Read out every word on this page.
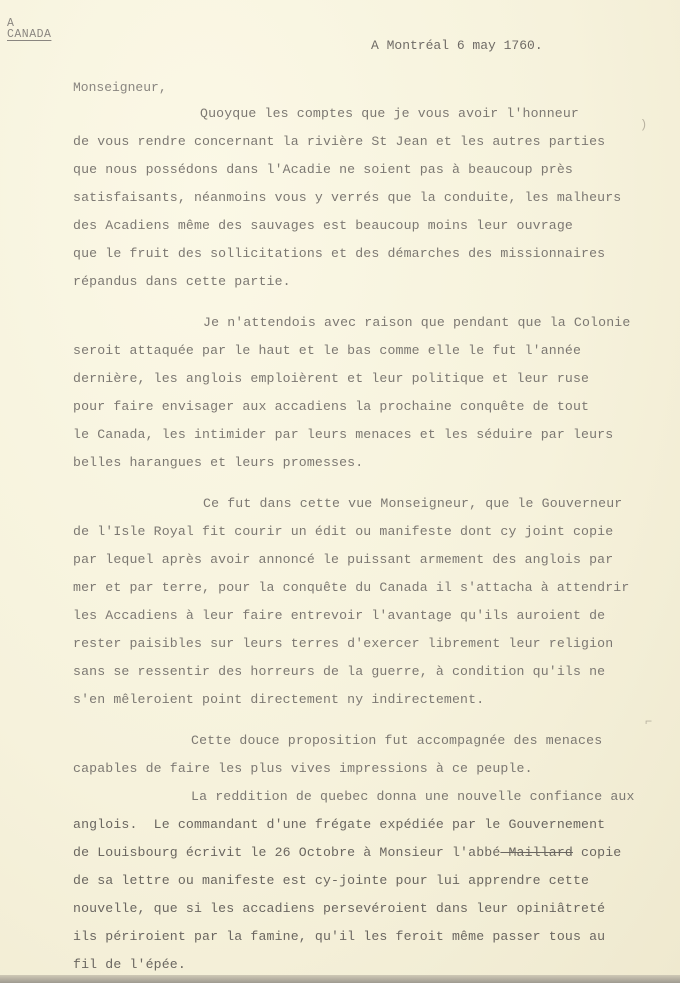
A
CANADA
A Montréal 6 may 1760.
Monseigneur,
Quoyque les comptes que je vous avoir l'honneur
de vous rendre concernant la rivière St Jean et les autres parties
que nous possédons dans l'Acadie ne soient pas à beaucoup près
satisfaisants, néanmoins vous y verrés que la conduite, les malheurs
des Acadiens même des sauvages est beaucoup moins leur ouvrage
que le fruit des sollicitations et des démarches des missionnaires
répandus dans cette partie.
Je n'attendois avec raison que pendant que la Colonie
seroit attaquée par le haut et le bas comme elle le fut l'année
dernière, les anglois emploièrent et leur politique et leur ruse
pour faire envisager aux accadiens la prochaine conquête de tout
le Canada, les intimider par leurs menaces et les séduire par leurs
belles harangues et leurs promesses.
Ce fut dans cette vue Monseigneur, que le Gouverneur
de l'Isle Royal fit courir un édit ou manifeste dont cy joint copie
par lequel après avoir annoncé le puissant armement des anglois par
mer et par terre, pour la conquête du Canada il s'attacha à attendrir
les Accadiens à leur faire entrevoir l'avantage qu'ils auroient de
rester paisibles sur leurs terres d'exercer librement leur religion
sans se ressentir des horreurs de la guerre, à condition qu'ils ne
s'en mêleroient point directement ny indirectement.
Cette douce proposition fut accompagnée des menaces
capables de faire les plus vives impressions à ce peuple.
La reddition de quebec donna une nouvelle confiance aux
anglois.  Le commandant d'une frégate expédiée par le Gouvernement
de Louisbourg écrivit le 26 Octobre à Monsieur l'abbé Maillard copie
de sa lettre ou manifeste est cy-jointe pour lui apprendre cette
nouvelle, que si les accadiens persevéroient dans leur opiniâtreté
ils périroient par la famine, qu'il les feroit même passer tous au
fil de l'épée.
)
⌐
